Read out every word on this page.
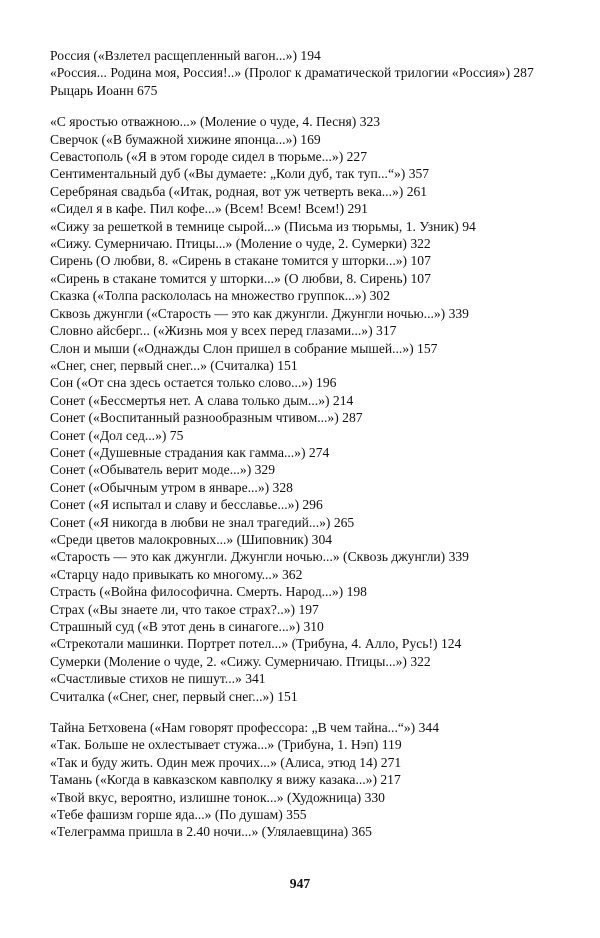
Россия («Взлетел расщепленный вагон...») 194

«Россия... Родина моя, Россия!..» (Пролог к драматической трилогии «Россия») 287

Рыцарь Иоанн 675

«С яростью отважною...» (Моление о чуде, 4. Песня) 323

Сверчок («В бумажной хижине японца...») 169

Севастополь («Я в этом городе сидел в тюрьме...») 227

Сентиментальный дуб («Вы думаете: „Коли дуб, так туп...“») 357

Серебряная свадьба («Итак, родная, вот уж четверть века...») 261

«Сидел я в кафе. Пил кофе...» (Всем! Всем! Всем!) 291

«Сижу за решеткой в темнице сырой...» (Письма из тюрьмы, 1. Узник) 94

«Сижу. Сумерничаю. Птицы...» (Моление о чуде, 2. Сумерки) 322

Сирень (О любви, 8. «Сирень в стакане томится у шторки...») 107

«Сирень в стакане томится у шторки...» (О любви, 8. Сирень) 107

Сказка («Толпа раскололась на множество группок...») 302

Сквозь джунгли («Старость — это как джунгли. Джунгли ночью...») 339

Словно айсберг... («Жизнь моя у всех перед глазами...») 317

Слон и мыши («Однажды Слон пришел в собрание мышей...») 157

«Снег, снег, первый снег...» (Считалка) 151

Сон («От сна здесь остается только слово...») 196

Сонет («Бессмертья нет. А слава только дым...») 214

Сонет («Воспитанный разнообразным чтивом...») 287

Сонет («Дол сед...») 75

Сонет («Душевные страдания как гамма...») 274

Сонет («Обыватель верит моде...») 329

Сонет («Обычным утром в январе...») 328

Сонет («Я испытал и славу и бесславье...») 296

Сонет («Я никогда в любви не знал трагедий...») 265

«Среди цветов малокровных...» (Шиповник) 304

«Старость — это как джунгли. Джунгли ночью...» (Сквозь джунгли) 339

«Старцу надо привыкать ко многому...» 362

Страсть («Война философична. Смерть. Народ...») 198

Страх («Вы знаете ли, что такое страх?..») 197

Страшный суд («В этот день в синагоге...») 310

«Стрекотали машинки. Портрет потел...» (Трибуна, 4. Алло, Русь!) 124

Сумерки (Моление о чуде, 2. «Сижу. Сумерничаю. Птицы...») 322

«Счастливые стихов не пишут...» 341

Считалка («Снег, снег, первый снег...») 151

Тайна Бетховена («Нам говорят профессора: „В чем тайна...“») 344

«Так. Больше не охлестывает стужа...» (Трибуна, 1. Нэп) 119

«Так и буду жить. Один меж прочих...» (Алиса, этюд 14) 271

Тамань («Когда в кавказском кавполку я вижу казака...») 217

«Твой вкус, вероятно, излишне тонок...» (Художница) 330

«Тебе фашизм горше яда...» (По душам) 355

«Телеграмма пришла в 2.40 ночи...» (Улялаевщина) 365

947
